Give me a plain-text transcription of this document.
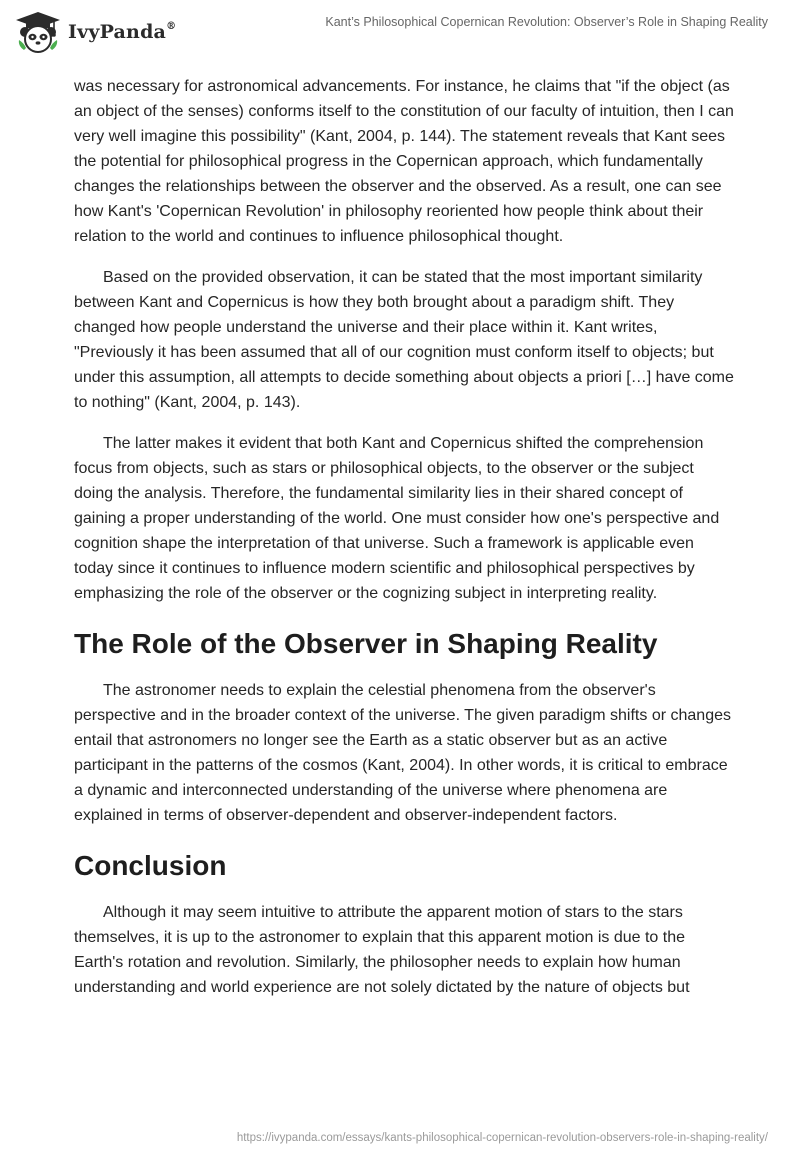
IvyPanda®	Kant’s Philosophical Copernican Revolution: Observer’s Role in Shaping Reality

was necessary for astronomical advancements. For instance, he claims that "if the object (as an object of the senses) conforms itself to the constitution of our faculty of intuition, then I can very well imagine this possibility" (Kant, 2004, p. 144). The statement reveals that Kant sees the potential for philosophical progress in the Copernican approach, which fundamentally changes the relationships between the observer and the observed. As a result, one can see how Kant's 'Copernican Revolution' in philosophy reoriented how people think about their relation to the world and continues to influence philosophical thought.

Based on the provided observation, it can be stated that the most important similarity between Kant and Copernicus is how they both brought about a paradigm shift. They changed how people understand the universe and their place within it. Kant writes, "Previously it has been assumed that all of our cognition must conform itself to objects; but under this assumption, all attempts to decide something about objects a priori […] have come to nothing" (Kant, 2004, p. 143).

The latter makes it evident that both Kant and Copernicus shifted the comprehension focus from objects, such as stars or philosophical objects, to the observer or the subject doing the analysis. Therefore, the fundamental similarity lies in their shared concept of gaining a proper understanding of the world. One must consider how one's perspective and cognition shape the interpretation of that universe. Such a framework is applicable even today since it continues to influence modern scientific and philosophical perspectives by emphasizing the role of the observer or the cognizing subject in interpreting reality.

The Role of the Observer in Shaping Reality

The astronomer needs to explain the celestial phenomena from the observer's perspective and in the broader context of the universe. The given paradigm shifts or changes entail that astronomers no longer see the Earth as a static observer but as an active participant in the patterns of the cosmos (Kant, 2004). In other words, it is critical to embrace a dynamic and interconnected understanding of the universe where phenomena are explained in terms of observer-dependent and observer-independent factors.

Conclusion

Although it may seem intuitive to attribute the apparent motion of stars to the stars themselves, it is up to the astronomer to explain that this apparent motion is due to the Earth's rotation and revolution. Similarly, the philosopher needs to explain how human understanding and world experience are not solely dictated by the nature of objects but

https://ivypanda.com/essays/kants-philosophical-copernican-revolution-observers-role-in-shaping-reality/
